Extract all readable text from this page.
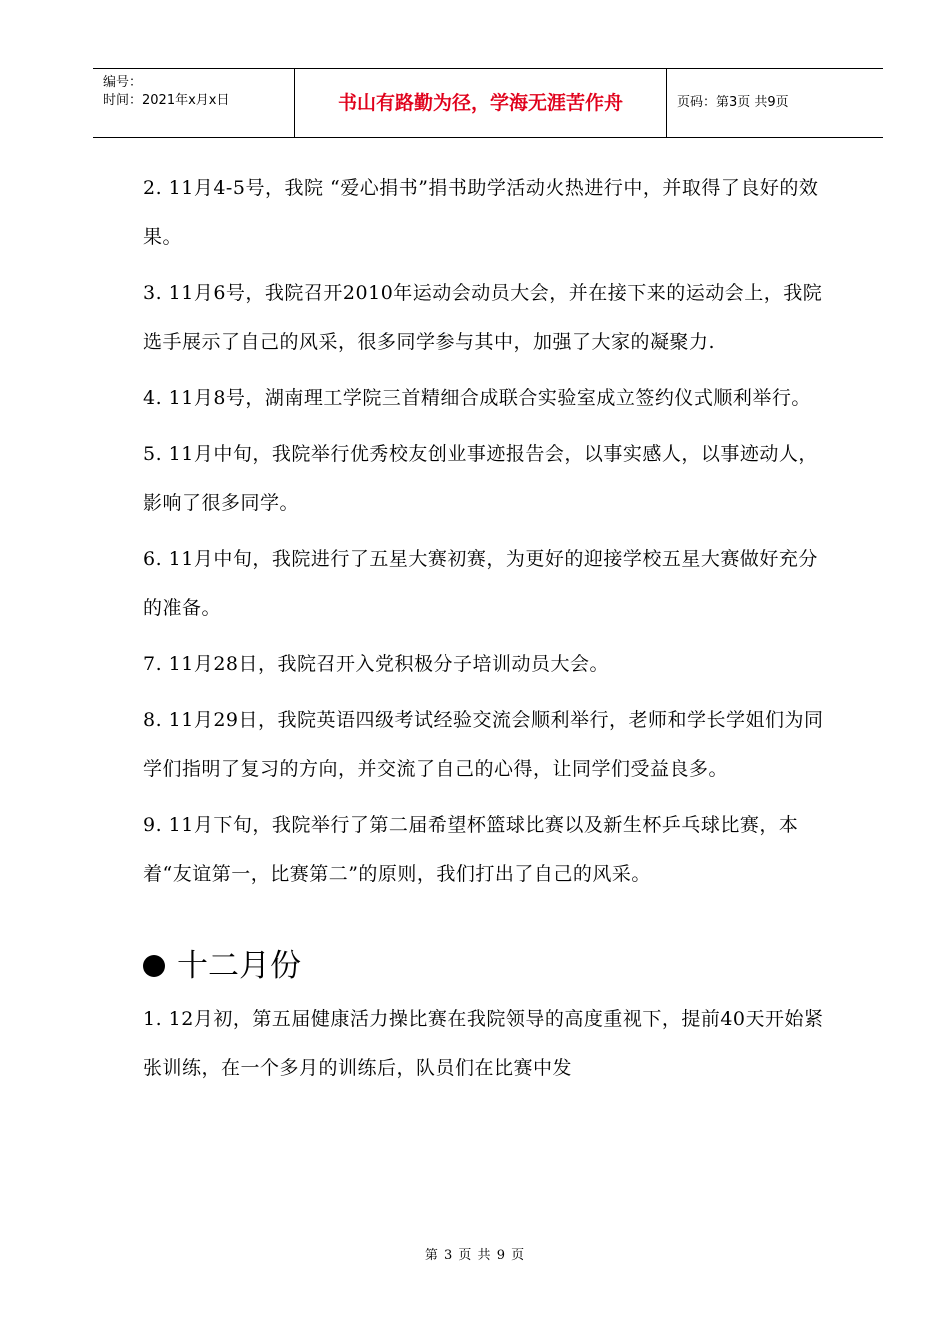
编号：
时间：2021年x月x日	书山有路勤为径，学海无涯苦作舟	页码：第3页 共9页

2. 11月4-5号，我院 “爱心捐书”捐书助学活动火热进行中，并取得了良好的效果。

3. 11月6号，我院召开2010年运动会动员大会，并在接下来的运动会上，我院选手展示了自己的风采，很多同学参与其中，加强了大家的凝聚力.

4. 11月8号，湖南理工学院三首精细合成联合实验室成立签约仪式顺利举行。

5. 11月中旬，我院举行优秀校友创业事迹报告会，以事实感人，以事迹动人，影响了很多同学。

6. 11月中旬，我院进行了五星大赛初赛，为更好的迎接学校五星大赛做好充分的准备。

7. 11月28日，我院召开入党积极分子培训动员大会。

8. 11月29日，我院英语四级考试经验交流会顺利举行，老师和学长学姐们为同学们指明了复习的方向，并交流了自己的心得，让同学们受益良多。

9. 11月下旬，我院举行了第二届希望杯篮球比赛以及新生杯乒乓球比赛，本着“友谊第一，比赛第二”的原则，我们打出了自己的风采。

十二月份

1. 12月初，第五届健康活力操比赛在我院领导的高度重视下，提前40天开始紧张训练，在一个多月的训练后，队员们在比赛中发

第 3 页 共 9 页
